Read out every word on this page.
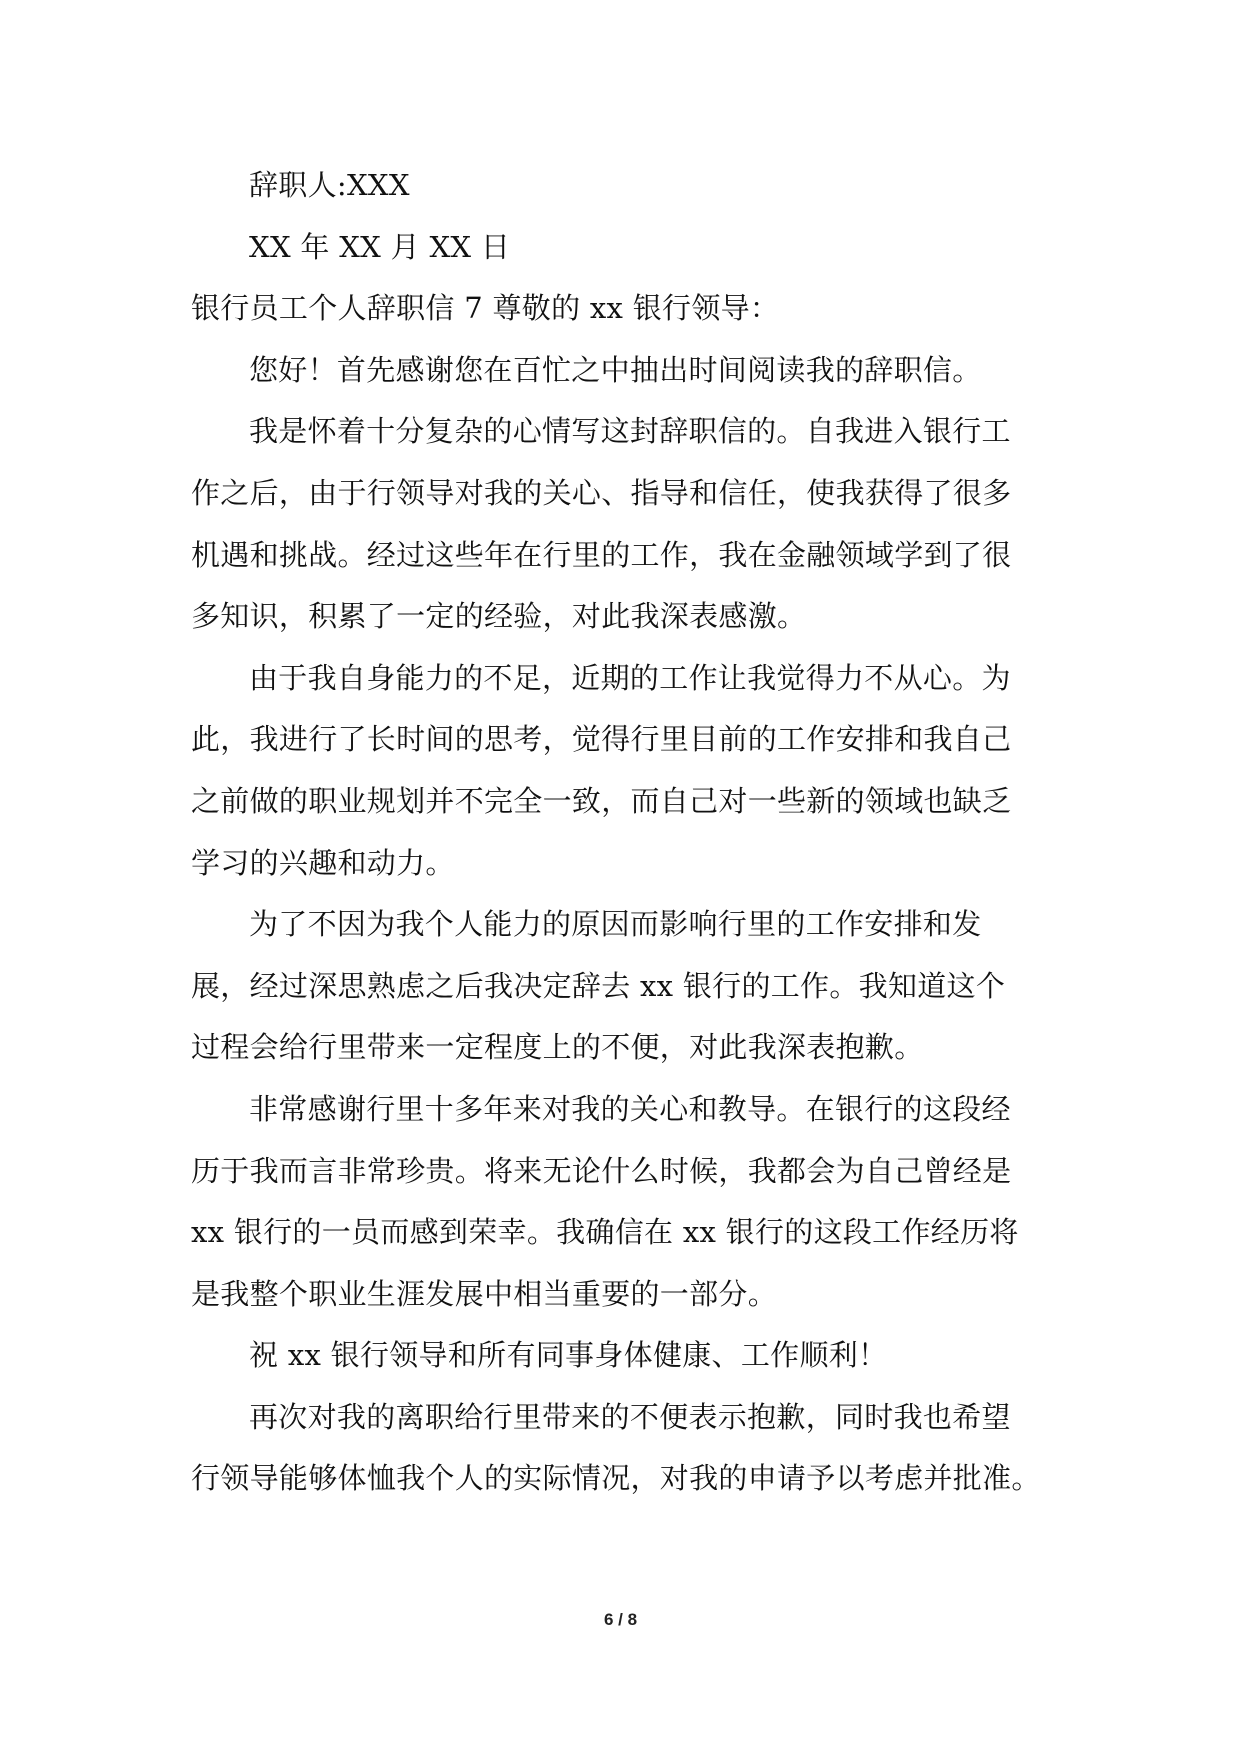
辞职人:XXX
XX 年 XX 月 XX 日
银行员工个人辞职信 7 尊敬的 xx 银行领导：
您好！首先感谢您在百忙之中抽出时间阅读我的辞职信。
我是怀着十分复杂的心情写这封辞职信的。自我进入银行工
作之后，由于行领导对我的关心、指导和信任，使我获得了很多
机遇和挑战。经过这些年在行里的工作，我在金融领域学到了很
多知识，积累了一定的经验，对此我深表感激。
由于我自身能力的不足，近期的工作让我觉得力不从心。为
此，我进行了长时间的思考，觉得行里目前的工作安排和我自己
之前做的职业规划并不完全一致，而自己对一些新的领域也缺乏
学习的兴趣和动力。
为了不因为我个人能力的原因而影响行里的工作安排和发
展，经过深思熟虑之后我决定辞去 xx 银行的工作。我知道这个
过程会给行里带来一定程度上的不便，对此我深表抱歉。
非常感谢行里十多年来对我的关心和教导。在银行的这段经
历于我而言非常珍贵。将来无论什么时候，我都会为自己曾经是
xx 银行的一员而感到荣幸。我确信在 xx 银行的这段工作经历将
是我整个职业生涯发展中相当重要的一部分。
祝 xx 银行领导和所有同事身体健康、工作顺利！
再次对我的离职给行里带来的不便表示抱歉，同时我也希望
行领导能够体恤我个人的实际情况，对我的申请予以考虑并批准。
6 / 8
